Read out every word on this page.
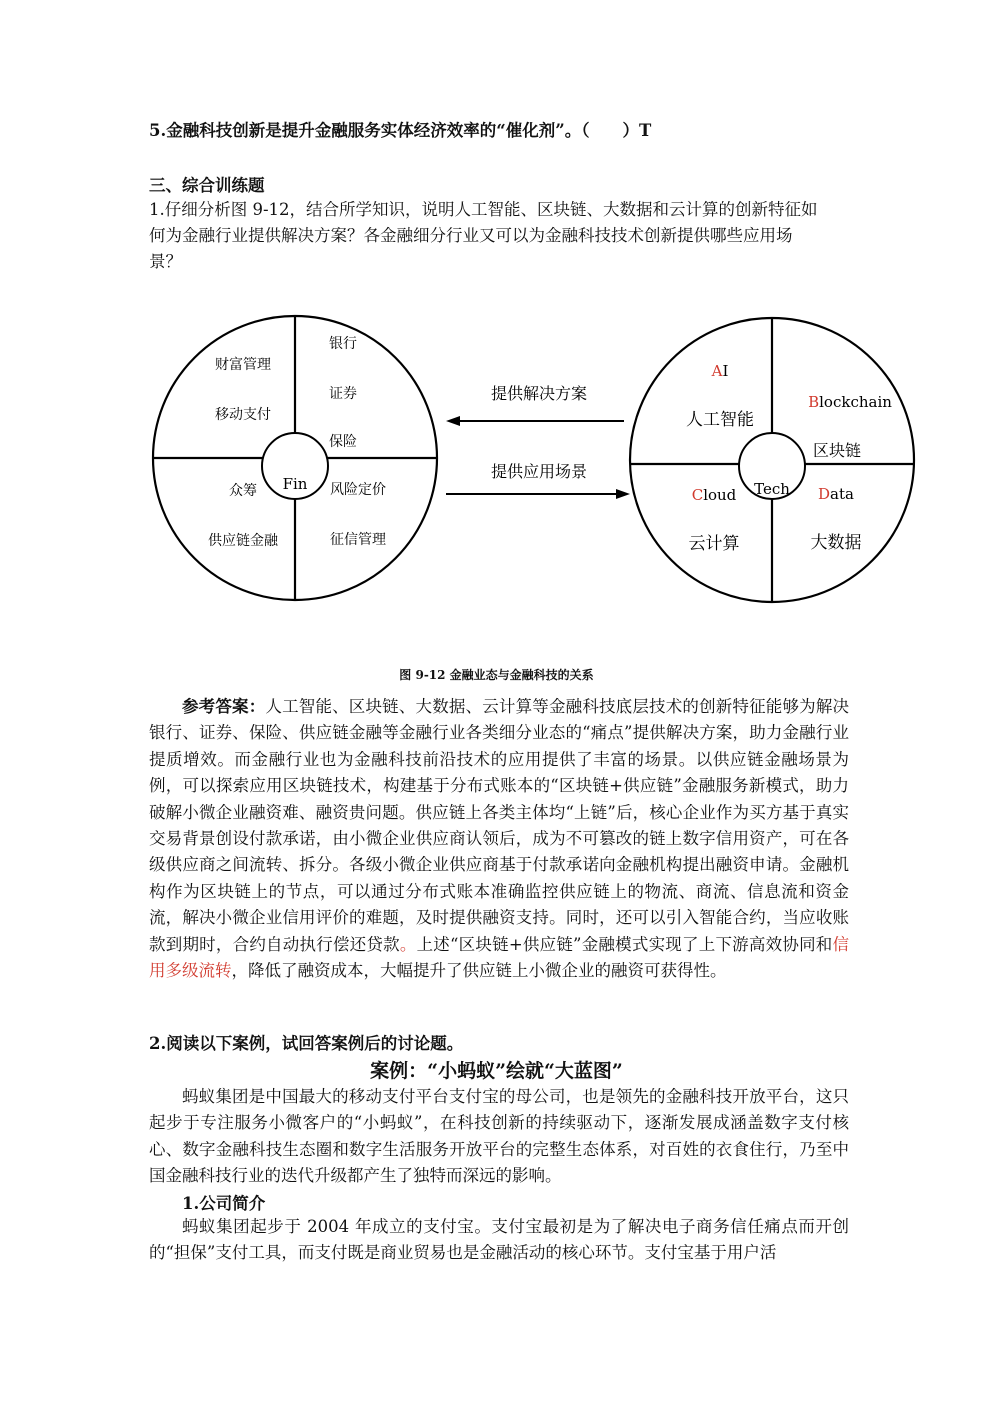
5.金融科技创新是提升金融服务实体经济效率的“催化剂”。（　　）T
三、综合训练题
1.仔细分析图 9-12，结合所学知识，说明人工智能、区块链、大数据和云计算的创新特征如
何为金融行业提供解决方案？各金融细分行业又可以为金融科技技术创新提供哪些应用场
景？
Fin
财富管理
移动支付
银行
证券
保险
众筹
供应链金融
风险定价
征信管理
提供解决方案
提供应用场景
Tech
AI
人工智能
Blockchain
区块链
Cloud
云计算
Data
大数据
图 9-12 金融业态与金融科技的关系
参考答案：人工智能、区块链、大数据、云计算等金融科技底层技术的创新特征能够为解决银行、证券、保险、供应链金融等金融行业各类细分业态的“痛点”提供解决方案，助力金融行业提质增效。而金融行业也为金融科技前沿技术的应用提供了丰富的场景。以供应链金融场景为例，可以探索应用区块链技术，构建基于分布式账本的“区块链+供应链”金融服务新模式，助力破解小微企业融资难、融资贵问题。供应链上各类主体均“上链”后，核心企业作为买方基于真实交易背景创设付款承诺，由小微企业供应商认领后，成为不可篡改的链上数字信用资产，可在各级供应商之间流转、拆分。各级小微企业供应商基于付款承诺向金融机构提出融资申请。金融机构作为区块链上的节点，可以通过分布式账本准确监控供应链上的物流、商流、信息流和资金流，解决小微企业信用评价的难题，及时提供融资支持。同时，还可以引入智能合约，当应收账款到期时，合约自动执行偿还贷款。上述“区块链+供应链”金融模式实现了上下游高效协同和信用多级流转，降低了融资成本，大幅提升了供应链上小微企业的融资可获得性。
2.阅读以下案例，试回答案例后的讨论题。
案例：“小蚂蚁”绘就“大蓝图”
蚂蚁集团是中国最大的移动支付平台支付宝的母公司，也是领先的金融科技开放平台，这只起步于专注服务小微客户的“小蚂蚁”，在科技创新的持续驱动下，逐渐发展成涵盖数字支付核心、数字金融科技生态圈和数字生活服务开放平台的完整生态体系，对百姓的衣食住行，乃至中国金融科技行业的迭代升级都产生了独特而深远的影响。
1.公司简介
蚂蚁集团起步于 2004 年成立的支付宝。支付宝最初是为了解决电子商务信任痛点而开创的“担保”支付工具，而支付既是商业贸易也是金融活动的核心环节。支付宝基于用户活
